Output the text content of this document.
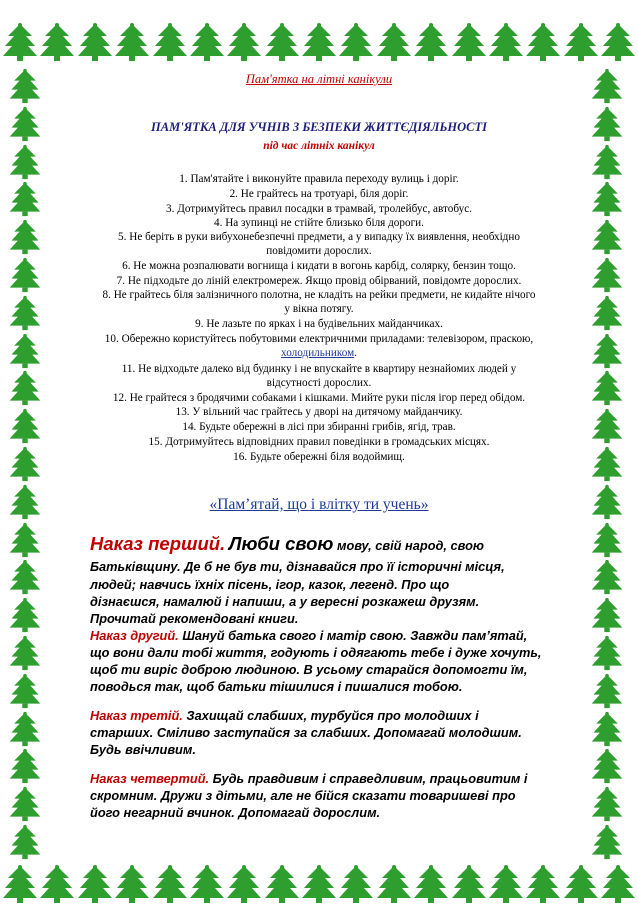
Пам'ятка на літні канікули
ПАМ'ЯТКА ДЛЯ УЧНІВ З БЕЗПЕКИ ЖИТТЄДІЯЛЬНОСТІ
під час літніх канікул
1. Пам'ятайте і виконуйте правила переходу вулиць і доріг.
2. Не грайтесь на тротуарі, біля доріг.
3. Дотримуйтесь правил посадки в трамвай, тролейбус, автобус.
4. На зупинці не стійте близько біля дороги.
5. Не беріть в руки вибухонебезпечні предмети, а у випадку їх виявлення, необхідно
повідомити дорослих.
6. Не можна розпалювати вогнища і кидати в вогонь карбід, солярку, бензин тощо.
7. Не підходьте до ліній електромереж. Якщо провід обірваний, повідомте дорослих.
8. Не грайтесь біля залізничного полотна, не кладіть на рейки предмети, не кидайте нічого
у вікна потягу.
9. Не лазьте по ярках і на будівельних майданчиках.
10. Обережно користуйтесь побутовими електричними приладами: телевізором, праскою,
холодильником.
11. Не відходьте далеко від будинку і не впускайте в квартиру незнайомих людей у
відсутності дорослих.
12. Не грайтеся з бродячими собаками і кішками. Мийте руки після ігор перед обідом.
13. У вільний час грайтесь у дворі на дитячому майданчику.
14. Будьте обережні в лісі при збиранні грибів, ягід, трав.
15. Дотримуйтесь відповідних правил поведінки в громадських місцях.
16. Будьте обережні біля водоймищ.
«Пам’ятай, що і влітку ти учень»
Наказ перший. Люби свою мову, свій народ, свою
Батьківщину. Де б не був ти, дізнавайся про її історичні місця,
людей; навчись їхніх пісень, ігор, казок, легенд. Про що
дізнаєшся, намалюй і напиши, а у вересні розкажеш друзям.
Прочитай рекомендовані книги.
Наказ другий. Шануй батька свого і матір свою. Завжди пам’ятай,
що вони дали тобі життя, годують і одягають тебе і дуже хочуть,
щоб ти виріс доброю людиною. В усьому старайся допомогти їм,
поводься так, щоб батьки тішилися і пишалися тобою.
Наказ третій. Захищай слабших, турбуйся про молодших і
старших. Сміливо заступайся за слабших. Допомагай молодшим.
Будь ввічливим.
Наказ четвертий. Будь правдивим і справедливим, працьовитим і
скромним. Дружи з дітьми, але не бійся сказати товаришеві про
його негарний вчинок. Допомагай дорослим.
